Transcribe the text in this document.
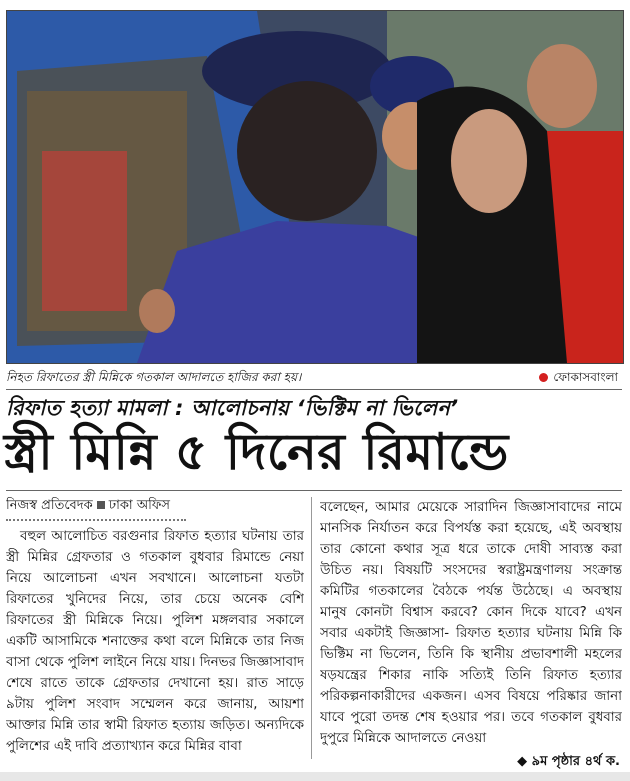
নিহত রিফাতের স্ত্রী মিন্নিকে গতকাল আদালতে হাজির করা হয়।	ফোকাসবাংলা
রিফাত হত্যা মামলা : আলোচনায় ‘ভিক্টিম না ভিলেন’
স্ত্রী মিন্নি ৫ দিনের রিমান্ডে
নিজস্ব প্রতিবেদক ঢাকা অফিস
বহুল আলোচিত বরগুনার রিফাত হত্যার ঘটনায় তার স্ত্রী মিন্নির গ্রেফতার ও গতকাল বুধবার রিমান্ডে নেয়া নিয়ে আলোচনা এখন সবখানে। আলোচনা যতটা রিফাতের খুনিদের নিয়ে, তার চেয়ে অনেক বেশি রিফাতের স্ত্রী মিন্নিকে নিয়ে। পুলিশ মঙ্গলবার সকালে একটি আসামিকে শনাক্তের কথা বলে মিন্নিকে তার নিজ বাসা থেকে পুলিশ লাইনে নিয়ে যায়। দিনভর জিজ্ঞাসাবাদ শেষে রাতে তাকে গ্রেফতার দেখানো হয়। রাত সাড়ে ৯টায় পুলিশ সংবাদ সম্মেলন করে জানায়, আয়শা আক্তার মিন্নি তার স্বামী রিফাত হত্যায় জড়িত। অন্যদিকে পুলিশের এই দাবি প্রত্যাখ্যান করে মিন্নির বাবা
বলেছেন, আমার মেয়েকে সারাদিন জিজ্ঞাসাবাদের নামে মানসিক নির্যাতন করে বিপর্যস্ত করা হয়েছে, এই অবস্থায় তার কোনো কথার সূত্র ধরে তাকে দোষী সাব্যস্ত করা উচিত নয়। বিষয়টি সংসদের স্বরাষ্ট্রমন্ত্রণালয় সংক্রান্ত কমিটির গতকালের বৈঠকে পর্যন্ত উঠেছে। এ অবস্থায় মানুষ কোনটা বিশ্বাস করবে? কোন দিকে যাবে? এখন সবার একটাই জিজ্ঞাসা- রিফাত হত্যার ঘটনায় মিন্নি কি ভিক্টিম না ভিলেন, তিনি কি স্থানীয় প্রভাবশালী মহলের ষড়যন্ত্রের শিকার নাকি সত্যিই তিনি রিফাত হত্যার পরিকল্পনাকারীদের একজন। এসব বিষয়ে পরিষ্কার জানা যাবে পুরো তদন্ত শেষ হওয়ার পর। তবে গতকাল বুধবার দুপুরে মিন্নিকে আদালতে নেওয়া
◆ ৯ম পৃষ্ঠার ৪র্থ ক.
